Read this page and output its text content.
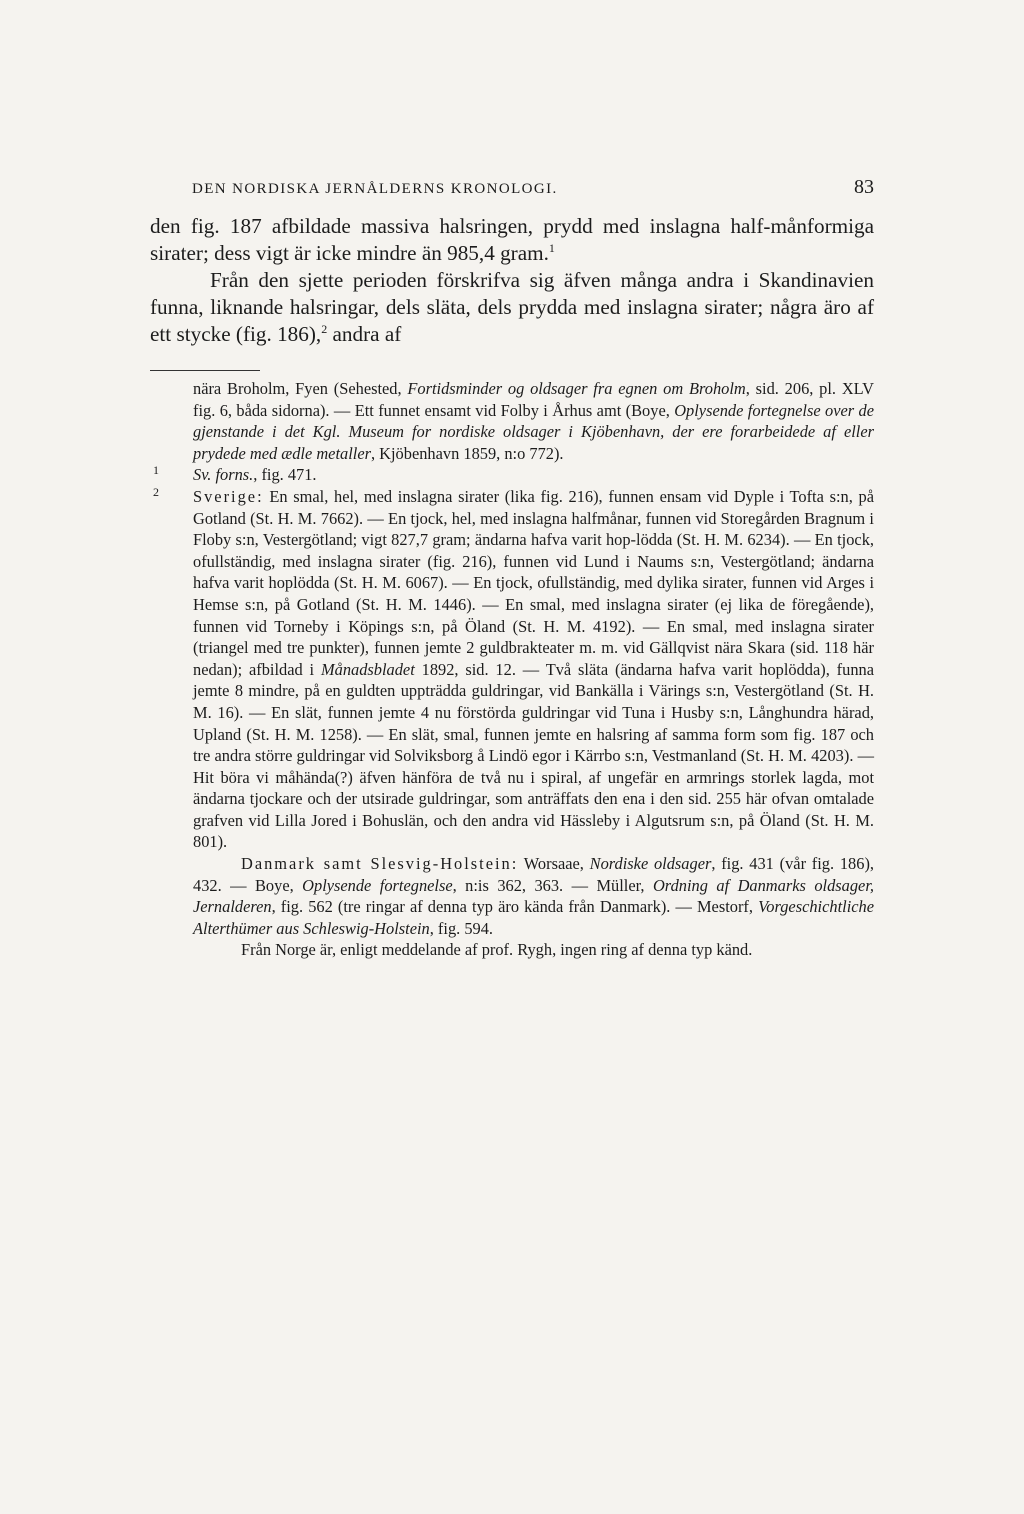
DEN NORDISKA JERNÅLDERNS KRONOLOGI.	83

den fig. 187 afbildade massiva halsringen, prydd med inslagna half-månformiga sirater; dess vigt är icke mindre än 985,4 gram.$^1$

Från den sjette perioden förskrifva sig äfven många andra i Skandinavien funna, liknande halsringar, dels släta, dels prydda med inslagna sirater; några äro af ett stycke (fig. 186),$^2$ andra af

nära Broholm, Fyen (Sehested, Fortidsminder og oldsager fra egnen om Broholm, sid. 206, pl. XLV fig. 6, båda sidorna). — Ett funnet ensamt vid Folby i Århus amt (Boye, Oplysende fortegnelse over de gjenstande i det Kgl. Museum for nordiske oldsager i Kjöbenhavn, der ere forarbeidede af eller prydede med ædle metaller, Kjöbenhavn 1859, n:o 772).

1 Sv. forns., fig. 471.

2 Sverige: En smal, hel, med inslagna sirater (lika fig. 216), funnen ensam vid Dyple i Tofta s:n, på Gotland (St. H. M. 7662). — En tjock, hel, med inslagna halfmånar, funnen vid Storegården Bragnum i Floby s:n, Vestergötland; vigt 827,7 gram; ändarna hafva varit hop-lödda (St. H. M. 6234). — En tjock, ofullständig, med inslagna sirater (fig. 216), funnen vid Lund i Naums s:n, Vestergötland; ändarna hafva varit hoplödda (St. H. M. 6067). — En tjock, ofullständig, med dylika sirater, funnen vid Arges i Hemse s:n, på Gotland (St. H. M. 1446). — En smal, med inslagna sirater (ej lika de föregående), funnen vid Torneby i Köpings s:n, på Öland (St. H. M. 4192). — En smal, med inslagna sirater (triangel med tre punkter), funnen jemte 2 guldbrakteater m. m. vid Gällqvist nära Skara (sid. 118 här nedan); afbildad i Månadsbladet 1892, sid. 12. — Två släta (ändarna hafva varit hoplödda), funna jemte 8 mindre, på en guldten uppträdda guldringar, vid Bankälla i Värings s:n, Vestergötland (St. H. M. 16). — En slät, funnen jemte 4 nu förstörda guldringar vid Tuna i Husby s:n, Långhundra härad, Upland (St. H. M. 1258). — En slät, smal, funnen jemte en halsring af samma form som fig. 187 och tre andra större guldringar vid Solviksborg å Lindö egor i Kärrbo s:n, Vestmanland (St. H. M. 4203). — Hit böra vi måhända(?) äfven hänföra de två nu i spiral, af ungefär en armrings storlek lagda, mot ändarna tjockare och der utsirade guldringar, som anträffats den ena i den sid. 255 här ofvan omtalade grafven vid Lilla Jored i Bohuslän, och den andra vid Hässleby i Algutsrum s:n, på Öland (St. H. M. 801).

Danmark samt Slesvig-Holstein: Worsaae, Nordiske oldsager, fig. 431 (vår fig. 186), 432. — Boye, Oplysende fortegnelse, n:is 362, 363. — Müller, Ordning af Danmarks oldsager, Jernalderen, fig. 562 (tre ringar af denna typ äro kända från Danmark). — Mestorf, Vorgeschichtliche Alterthümer aus Schleswig-Holstein, fig. 594.

Från Norge är, enligt meddelande af prof. Rygh, ingen ring af denna typ känd.
